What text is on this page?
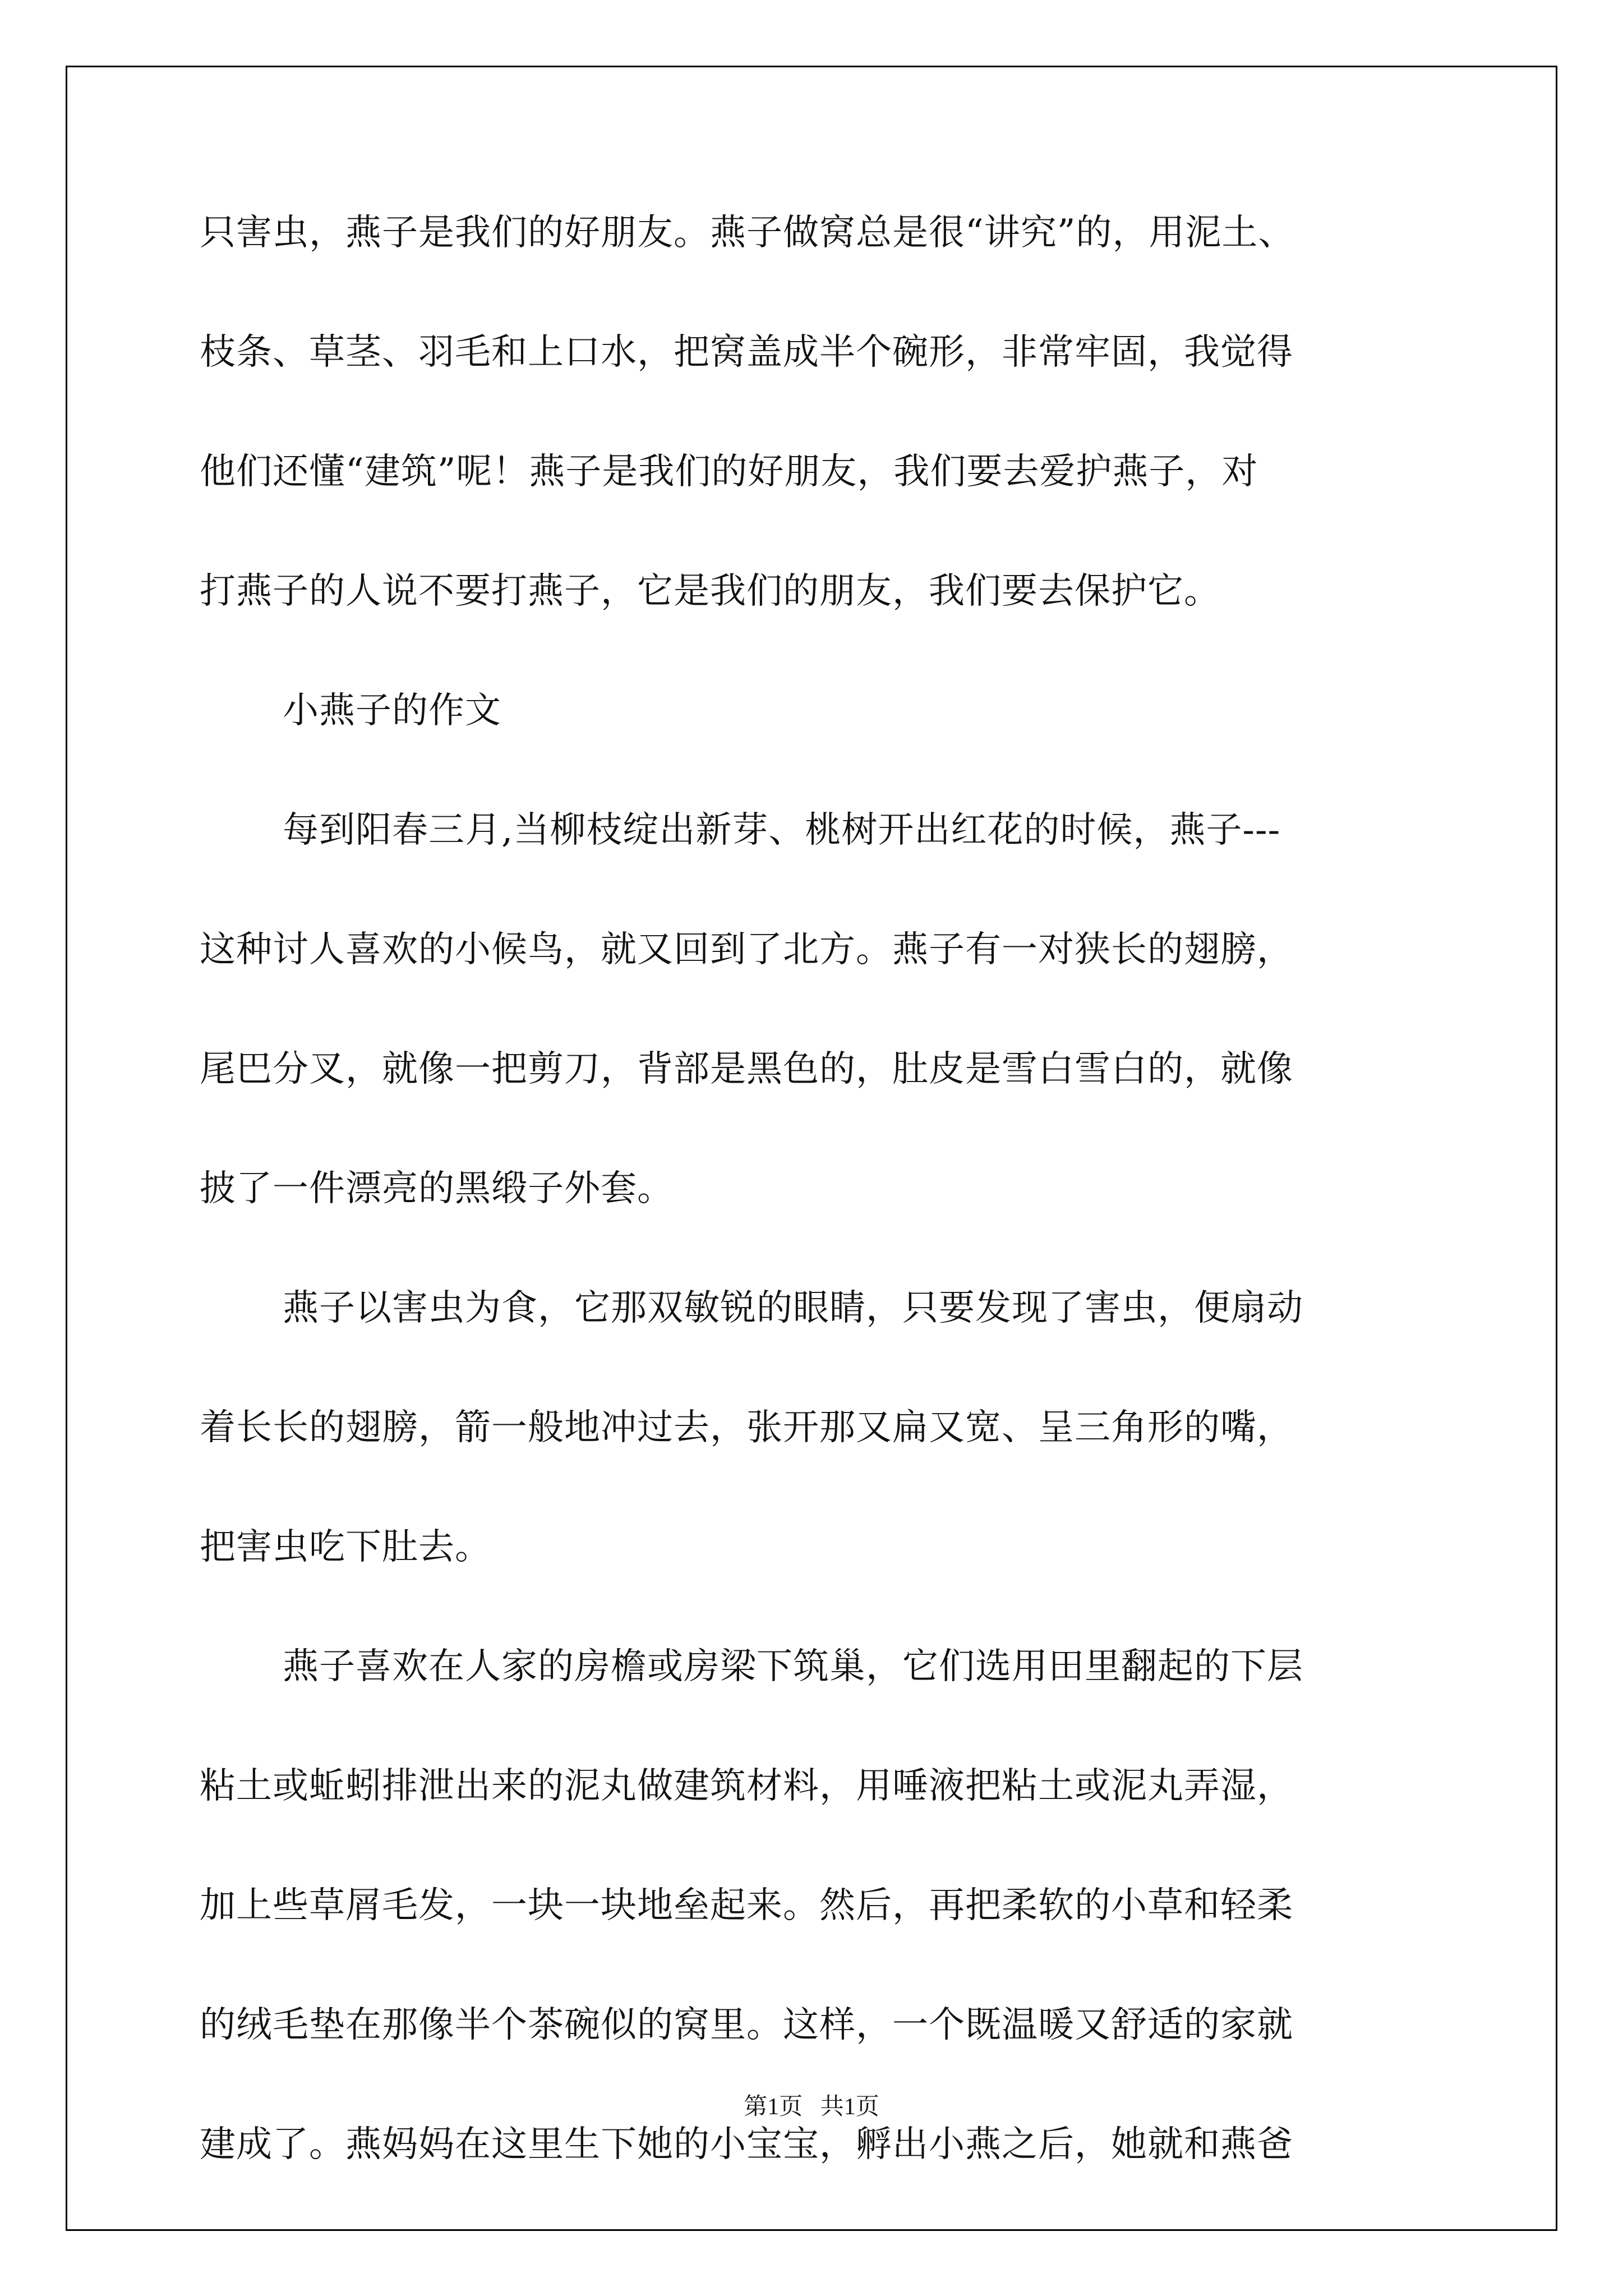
只害虫，燕子是我们的好朋友。燕子做窝总是很“讲究”的，用泥土、
枝条、草茎、羽毛和上口水，把窝盖成半个碗形，非常牢固，我觉得
他们还懂“建筑”呢！燕子是我们的好朋友，我们要去爱护燕子，对
打燕子的人说不要打燕子，它是我们的朋友，我们要去保护它。
小燕子的作文
每到阳春三月,当柳枝绽出新芽、桃树开出红花的时候，燕子---
这种讨人喜欢的小候鸟，就又回到了北方。燕子有一对狭长的翅膀，
尾巴分叉，就像一把剪刀，背部是黑色的，肚皮是雪白雪白的，就像
披了一件漂亮的黑缎子外套。
燕子以害虫为食，它那双敏锐的眼睛，只要发现了害虫，便扇动
着长长的翅膀，箭一般地冲过去，张开那又扁又宽、呈三角形的嘴，
把害虫吃下肚去。
燕子喜欢在人家的房檐或房梁下筑巢，它们选用田里翻起的下层
粘土或蚯蚓排泄出来的泥丸做建筑材料，用唾液把粘土或泥丸弄湿，
加上些草屑毛发，一块一块地垒起来。然后，再把柔软的小草和轻柔
的绒毛垫在那像半个茶碗似的窝里。这样，一个既温暖又舒适的家就
建成了。燕妈妈在这里生下她的小宝宝，孵出小燕之后，她就和燕爸
第1页   共1页
